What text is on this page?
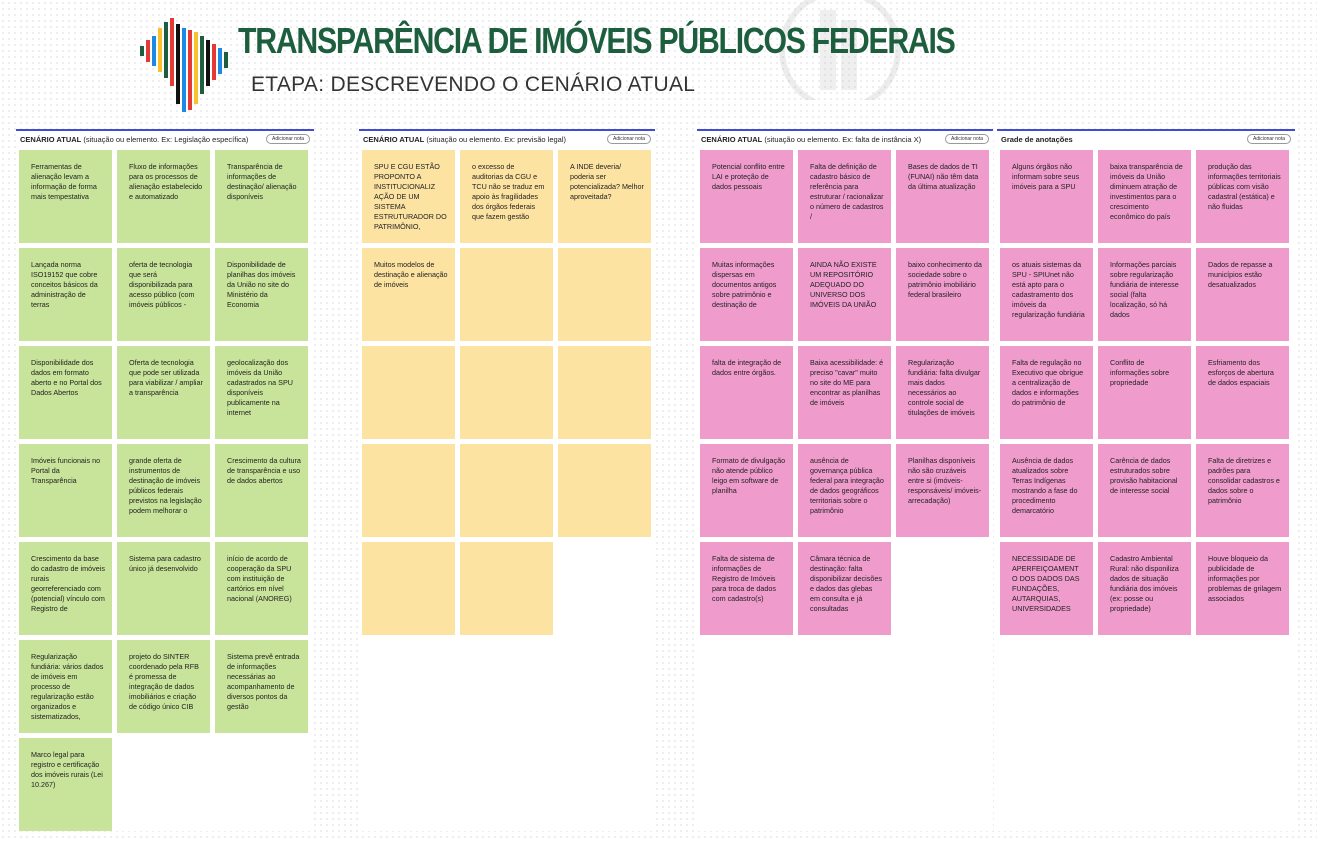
TRANSPARÊNCIA DE IMÓVEIS PÚBLICOS FEDERAIS
ETAPA: DESCREVENDO O CENÁRIO ATUAL
CENÁRIO ATUAL (situação ou elemento. Ex: Legislação específica)	Adicionar nota
Ferramentas de alienação levam a informação de forma mais tempestativa
Fluxo de informações para os processos de alienação estabelecido e automatizado
Transparência de informações de destinação/ alienação disponíveis
Lançada norma ISO19152 que cobre conceitos básicos da administração de terras
oferta de tecnologia que será disponibilizada para acesso público (com imóveis públicos -
Disponibilidade de planilhas dos imóveis da União no site do Ministério da Economia
Disponibilidade dos dados em formato aberto e no Portal dos Dados Abertos
Oferta de tecnologia que pode ser utilizada para viabilizar / ampliar a transparência
geolocalização dos imóveis da União cadastrados na SPU disponíveis publicamente na internet
Imóveis funcionais no Portal da Transparência
grande oferta de instrumentos de destinação de imóveis públicos federais previstos na legislação podem melhorar o
Crescimento da cultura de transparência e uso de dados abertos
Crescimento da base do cadastro de imóveis rurais georreferenciado com (potencial) vínculo com Registro de
Sistema para cadastro único já desenvolvido
início de acordo de cooperação da SPU com instituição de cartórios em nível nacional (ANOREG)
Regularização fundiária: vários dados de imóveis em processo de regularização estão organizados e sistematizados,
projeto do SINTER coordenado pela RFB é promessa de integração de dados imobiliários e criação de código único CIB
Sistema prevê entrada de informações necessárias ao acompanhamento de diversos pontos da gestão
Marco legal para registro e certificação dos imóveis rurais (Lei 10.267)
CENÁRIO ATUAL (situação ou elemento. Ex: previsão legal)	Adicionar nota
SPU E CGU ESTÃO PROPONTO A INSTITUCIONALIZ AÇÃO DE UM SISTEMA ESTRUTURADOR DO PATRIMÔNIO,
o excesso de auditorias da CGU e TCU não se traduz em apoio às fragilidades dos órgãos federais que fazem gestão
A INDE deveria/ poderia ser potencializada? Melhor aproveitada?
Muitos modelos de destinação e alienação de imóveis
CENÁRIO ATUAL (situação ou elemento. Ex: falta de instância X)	Adicionar nota
Potencial conflito entre LAI e proteção de dados pessoais
Falta de definição de cadastro básico de referência para estruturar / racionalizar o número de cadastros /
Bases de dados de TI (FUNAI) não têm data da última atualização
Muitas informações dispersas em documentos antigos sobre patrimônio e destinação de
AINDA NÃO EXISTE UM REPOSITÓRIO ADEQUADO DO UNIVERSO DOS IMÓVEIS DA UNIÃO
baixo conhecimento da sociedade sobre o patrimônio imobiliário federal brasileiro
falta de integração de dados entre órgãos.
Baixa acessibilidade: é preciso "cavar" muito no site do ME para encontrar as planilhas de imóveis
Regularização fundiária: falta divulgar mais dados necessários ao controle social de titulações de imóveis
Formato de divulgação não atende público leigo em software de planilha
ausência de governança pública federal para integração de dados geográficos territoriais sobre o patrimônio
Planilhas disponíveis não são cruzáveis entre si (imóveis-responsáveis/ imóveis-arrecadação)
Falta de sistema de informações de Registro de Imóveis para troca de dados com cadastro(s)
Câmara técnica de destinação: falta disponibilizar decisões e dados das glebas em consulta e já consultadas
Grade de anotações	Adicionar nota
Alguns órgãos não informam sobre seus imóveis para a SPU
baixa transparência de imóveis da União diminuem atração de investimentos para o crescimento econômico do país
produção das informações territoriais públicas com visão cadastral (estática) e não fluidas
os atuais sistemas da SPU - SPIUnet não está apto para o cadastramento dos imóveis da regularização fundiária
Informações parciais sobre regularização fundiária de interesse social (falta localização, só há dados
Dados de repasse a municípios estão desatualizados
Falta de regulação no Executivo que obrigue a centralização de dados e informações do patrimônio de
Conflito de informações sobre propriedade
Esfriamento dos esforços de abertura de dados espaciais
Ausência de dados atualizados sobre Terras Indígenas mostrando a fase do procedimento demarcatório
Carência de dados estruturados sobre provisão habitacional de interesse social
Falta de diretrizes e padrões para consolidar cadastros e dados sobre o patrimônio
NECESSIDADE DE APERFEIÇOAMENT O DOS DADOS DAS FUNDAÇÕES, AUTARQUIAS, UNIVERSIDADES
Cadastro Ambiental Rural: não disponiliza dados de situação fundiária dos imóveis (ex: posse ou propriedade)
Houve bloqueio da publicidade de informações por problemas de grilagem associados
